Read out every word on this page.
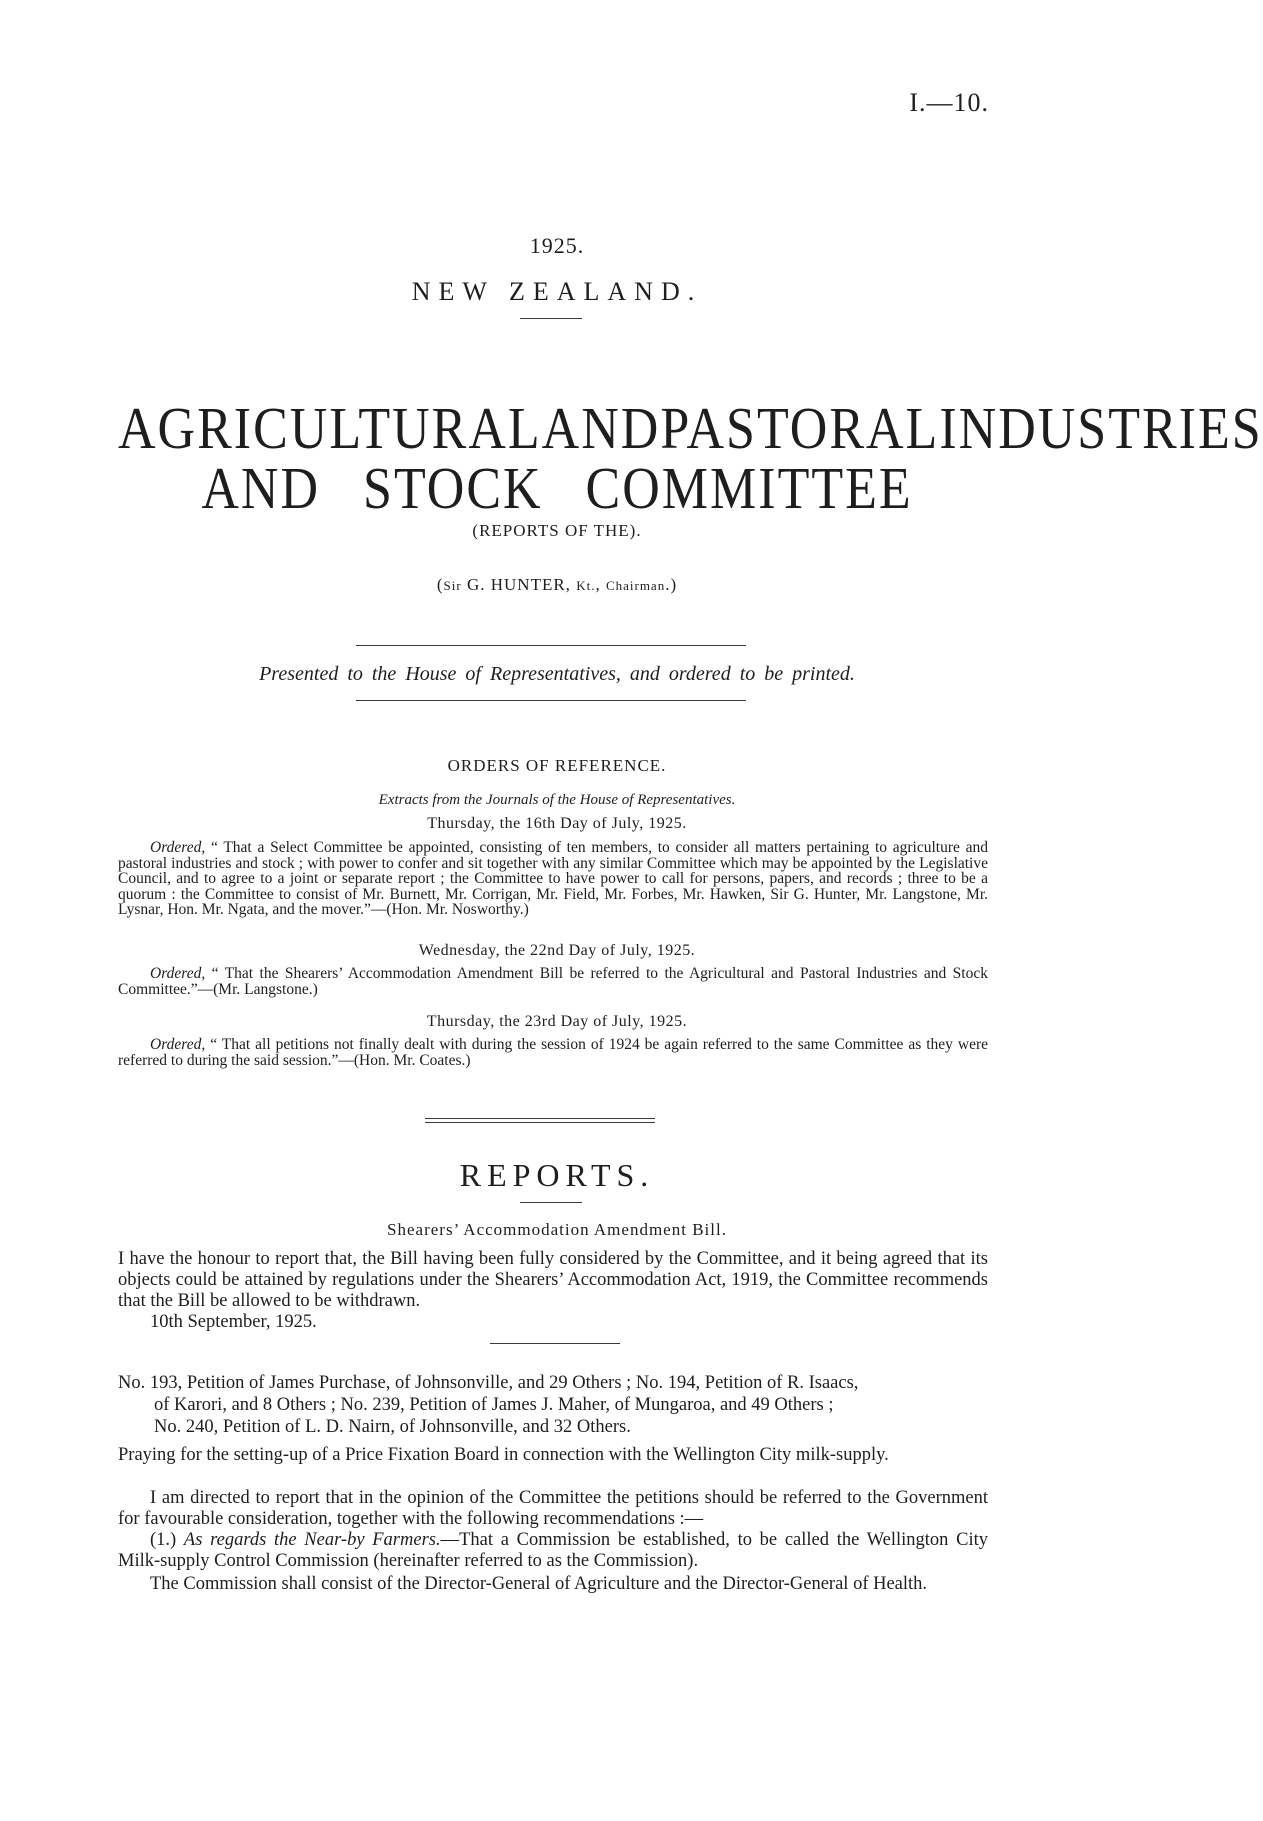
I.—10.
1925.
NEW ZEALAND.
AGRICULTURAL AND PASTORAL INDUSTRIES
AND STOCK COMMITTEE
(REPORTS OF THE).
(Sir G. HUNTER, Kt., Chairman.)
Presented to the House of Representatives, and ordered to be printed.
ORDERS OF REFERENCE.
Extracts from the Journals of the House of Representatives.
Thursday, the 16th Day of July, 1925.
Ordered, “ That a Select Committee be appointed, consisting of ten members, to consider all matters pertaining to agriculture and pastoral industries and stock ; with power to confer and sit together with any similar Committee which may be appointed by the Legislative Council, and to agree to a joint or separate report ; the Committee to have power to call for persons, papers, and records ; three to be a quorum : the Committee to consist of Mr. Burnett, Mr. Corrigan, Mr. Field, Mr. Forbes, Mr. Hawken, Sir G. Hunter, Mr. Langstone, Mr. Lysnar, Hon. Mr. Ngata, and the mover.”—(Hon. Mr. Nosworthy.)
Wednesday, the 22nd Day of July, 1925.
Ordered, “ That the Shearers’ Accommodation Amendment Bill be referred to the Agricultural and Pastoral Industries and Stock Committee.”—(Mr. Langstone.)
Thursday, the 23rd Day of July, 1925.
Ordered, “ That all petitions not finally dealt with during the session of 1924 be again referred to the same Committee as they were referred to during the said session.”—(Hon. Mr. Coates.)
REPORTS.
Shearers’ Accommodation Amendment Bill.
I have the honour to report that, the Bill having been fully considered by the Committee, and it being agreed that its objects could be attained by regulations under the Shearers’ Accommodation Act, 1919, the Committee recommends that the Bill be allowed to be withdrawn.
10th September, 1925.
No. 193, Petition of James Purchase, of Johnsonville, and 29 Others ; No. 194, Petition of R. Isaacs,
of Karori, and 8 Others ; No. 239, Petition of James J. Maher, of Mungaroa, and 49 Others ;
No. 240, Petition of L. D. Nairn, of Johnsonville, and 32 Others.
Praying for the setting-up of a Price Fixation Board in connection with the Wellington City milk-supply.
I am directed to report that in the opinion of the Committee the petitions should be referred to the Government for favourable consideration, together with the following recommendations :—
(1.) As regards the Near-by Farmers.—That a Commission be established, to be called the Wellington City Milk-supply Control Commission (hereinafter referred to as the Commission).
The Commission shall consist of the Director-General of Agriculture and the Director-General of Health.
